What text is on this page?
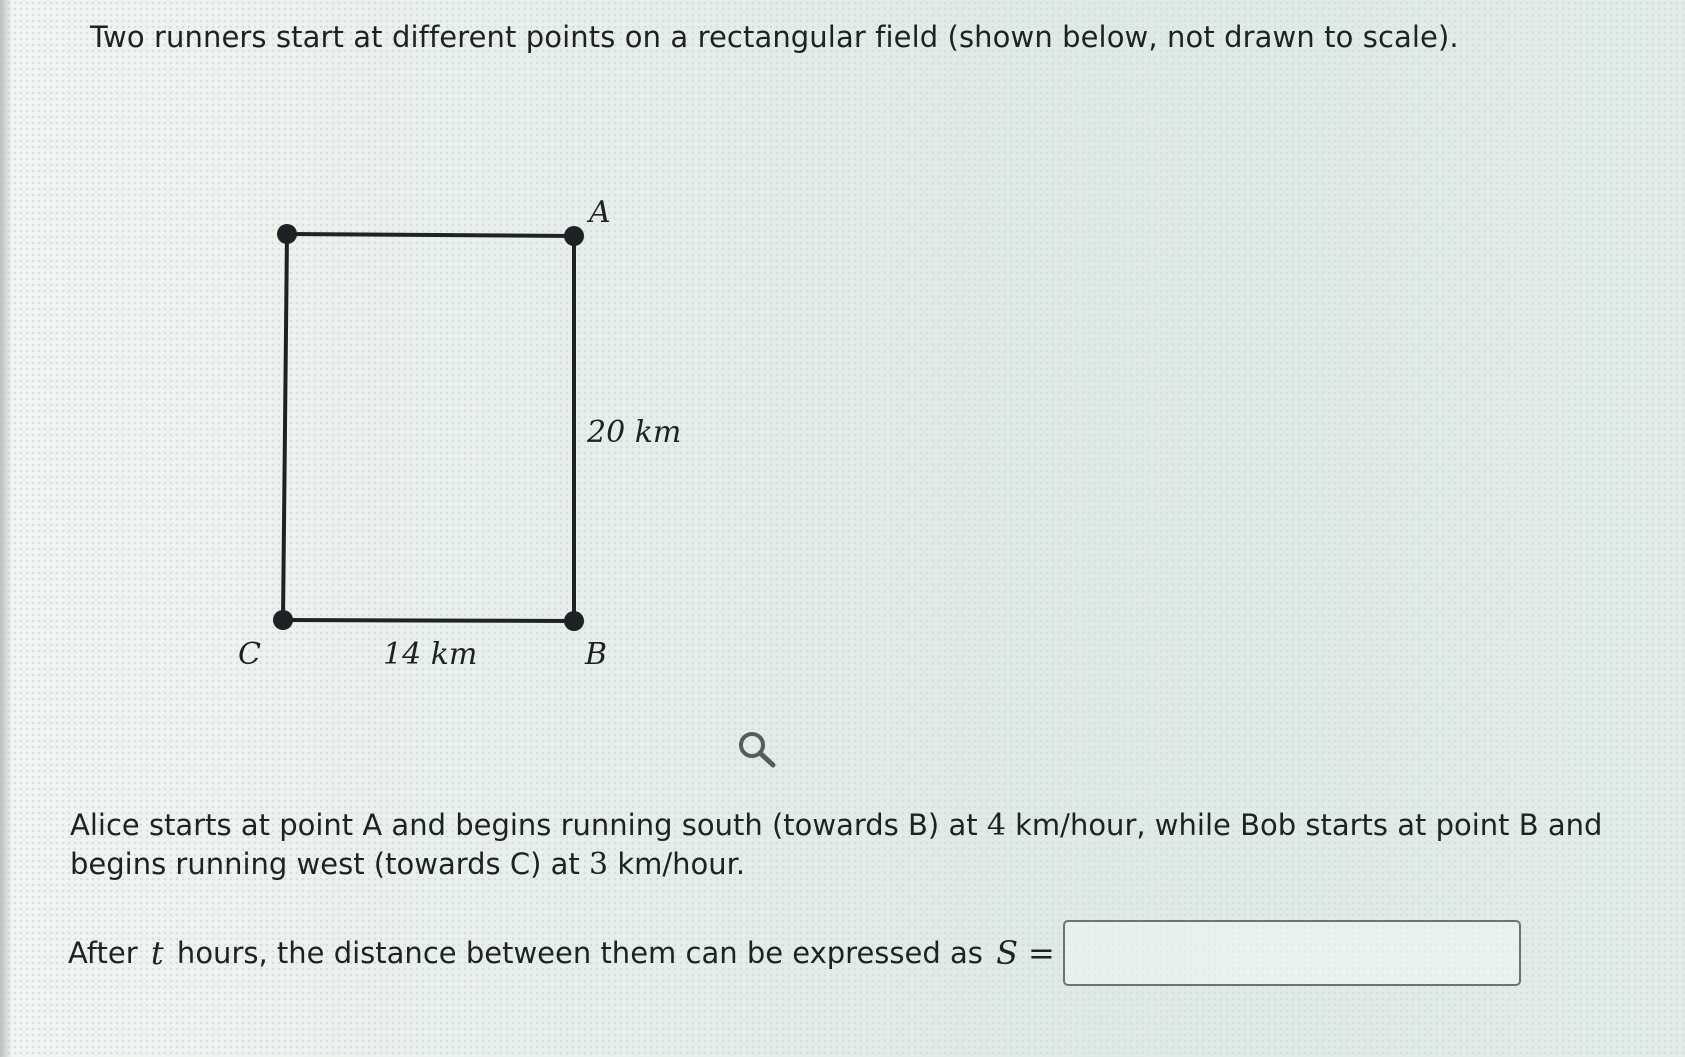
Two runners start at different points on a rectangular field (shown below, not drawn to scale).

A
B
C
20 km
14 km

Alice starts at point A and begins running south (towards B) at 4 km/hour, while Bob starts at point B and begins running west (towards C) at 3 km/hour.

After t hours, the distance between them can be expressed as S =
